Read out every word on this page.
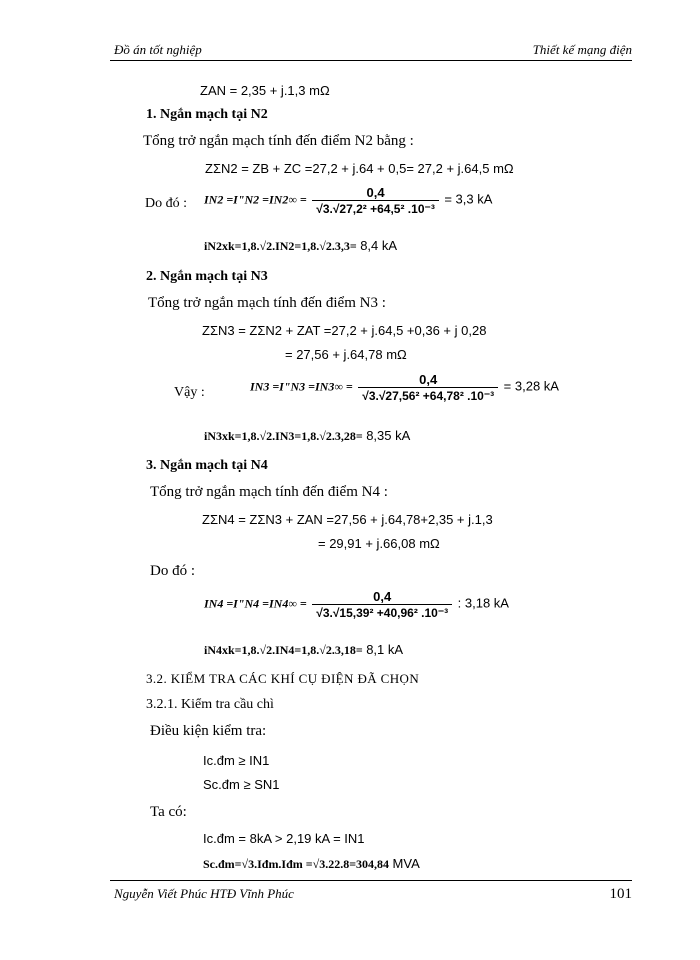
Đồ án tốt nghiệp	Thiết kế mạng điện
ZAN = 2,35 + j.1,3 mΩ
1. Ngắn mạch tại N2
Tổng trở ngắn mạch tính đến điểm N2 bằng :
ZΣN2 = ZB + ZC =27,2 + j.64 + 0,5= 27,2 + j.64,5 mΩ
Do đó : IN2 =I"N2 $=IN2\infty = \frac{0,4}{\text{√3.√27,2² +64,5² .10⁻³}} = 3,3$ kA
iN2xk=1,8.√2.IN2=1,8.√2.3,3= 8,4 kA
2. Ngắn mạch tại N3
Tổng trở ngắn mạch tính đến điểm N3 :
ZΣN3 = ZΣN2 + ZAT =27,2 + j.64,5 +0,36 + j 0,28
= 27,56 + j.64,78 mΩ
Vậy :	IN3 =I"N3 $=IN3\infty = \frac{0,4}{\text{√3.√27,56² +64,78² .10⁻³}} = 3,28$ kA
iN3xk=1,8.√2.IN3=1,8.√2.3,28= 8,35 kA
3. Ngắn mạch tại N4
Tổng trở ngắn mạch tính đến điểm N4 :
ZΣN4 = ZΣN3 + ZAN =27,56 + j.64,78+2,35 + j.1,3
= 29,91 + j.66,08 mΩ
Do đó :
IN4 =I"N4 $=IN4\infty = \frac{0,4}{\text{√3.√15,39² +40,96² .10⁻³}}$ : 3,18 kA
iN4xk=1,8.√2.IN4=1,8.√2.3,18= 8,1 kA
3.2. KIỂM TRA CÁC KHÍ CỤ ĐIỆN ĐÃ CHỌN
3.2.1. Kiểm tra cầu chì
Điều kiện kiểm tra:
Ic.đm ≥ IN1
Sc.đm ≥ SN1
Ta có:
Ic.đm = 8kA > 2,19 kA = IN1
Sc.đm=√3.Iđm.Iđm =√3.22.8=304,84 MVA
Nguyễn Viết Phúc HTĐ Vĩnh Phúc	101
